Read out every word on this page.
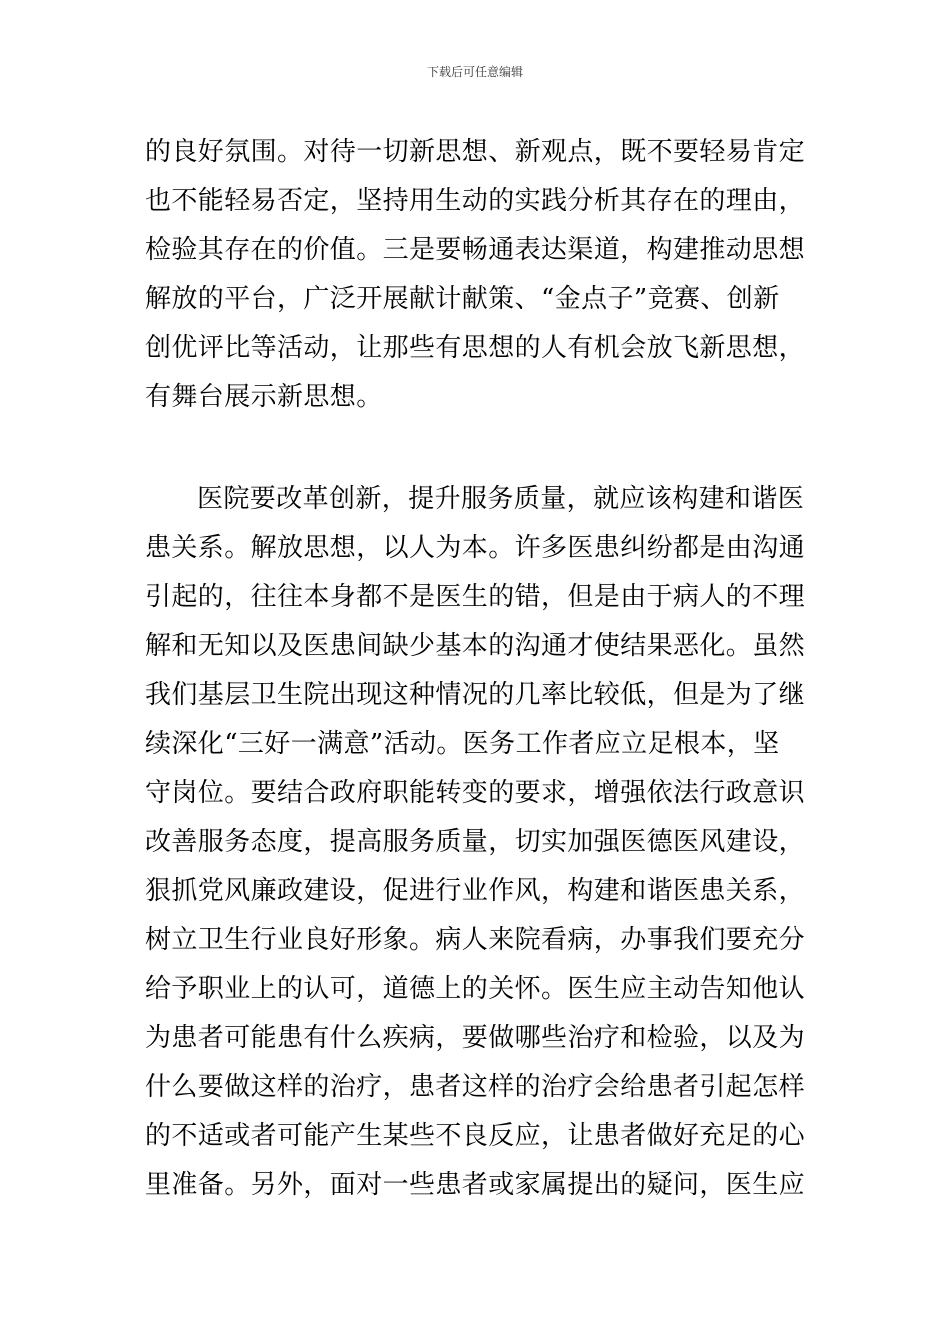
下载后可任意编辑
的良好氛围。对待一切新思想、新观点，既不要轻易肯定
也不能轻易否定，坚持用生动的实践分析其存在的理由，
检验其存在的价值。三是要畅通表达渠道，构建推动思想
解放的平台，广泛开展献计献策、“金点子”竞赛、创新
创优评比等活动，让那些有思想的人有机会放飞新思想，
有舞台展示新思想。
医院要改革创新，提升服务质量，就应该构建和谐医
患关系。解放思想，以人为本。许多医患纠纷都是由沟通
引起的，往往本身都不是医生的错，但是由于病人的不理
解和无知以及医患间缺少基本的沟通才使结果恶化。虽然
我们基层卫生院出现这种情况的几率比较低，但是为了继
续深化“三好一满意”活动。医务工作者应立足根本，坚
守岗位。要结合政府职能转变的要求，增强依法行政意识
改善服务态度，提高服务质量，切实加强医德医风建设，
狠抓党风廉政建设，促进行业作风，构建和谐医患关系，
树立卫生行业良好形象。病人来院看病，办事我们要充分
给予职业上的认可，道德上的关怀。医生应主动告知他认
为患者可能患有什么疾病，要做哪些治疗和检验，以及为
什么要做这样的治疗，患者这样的治疗会给患者引起怎样
的不适或者可能产生某些不良反应，让患者做好充足的心
里准备。另外，面对一些患者或家属提出的疑问，医生应
